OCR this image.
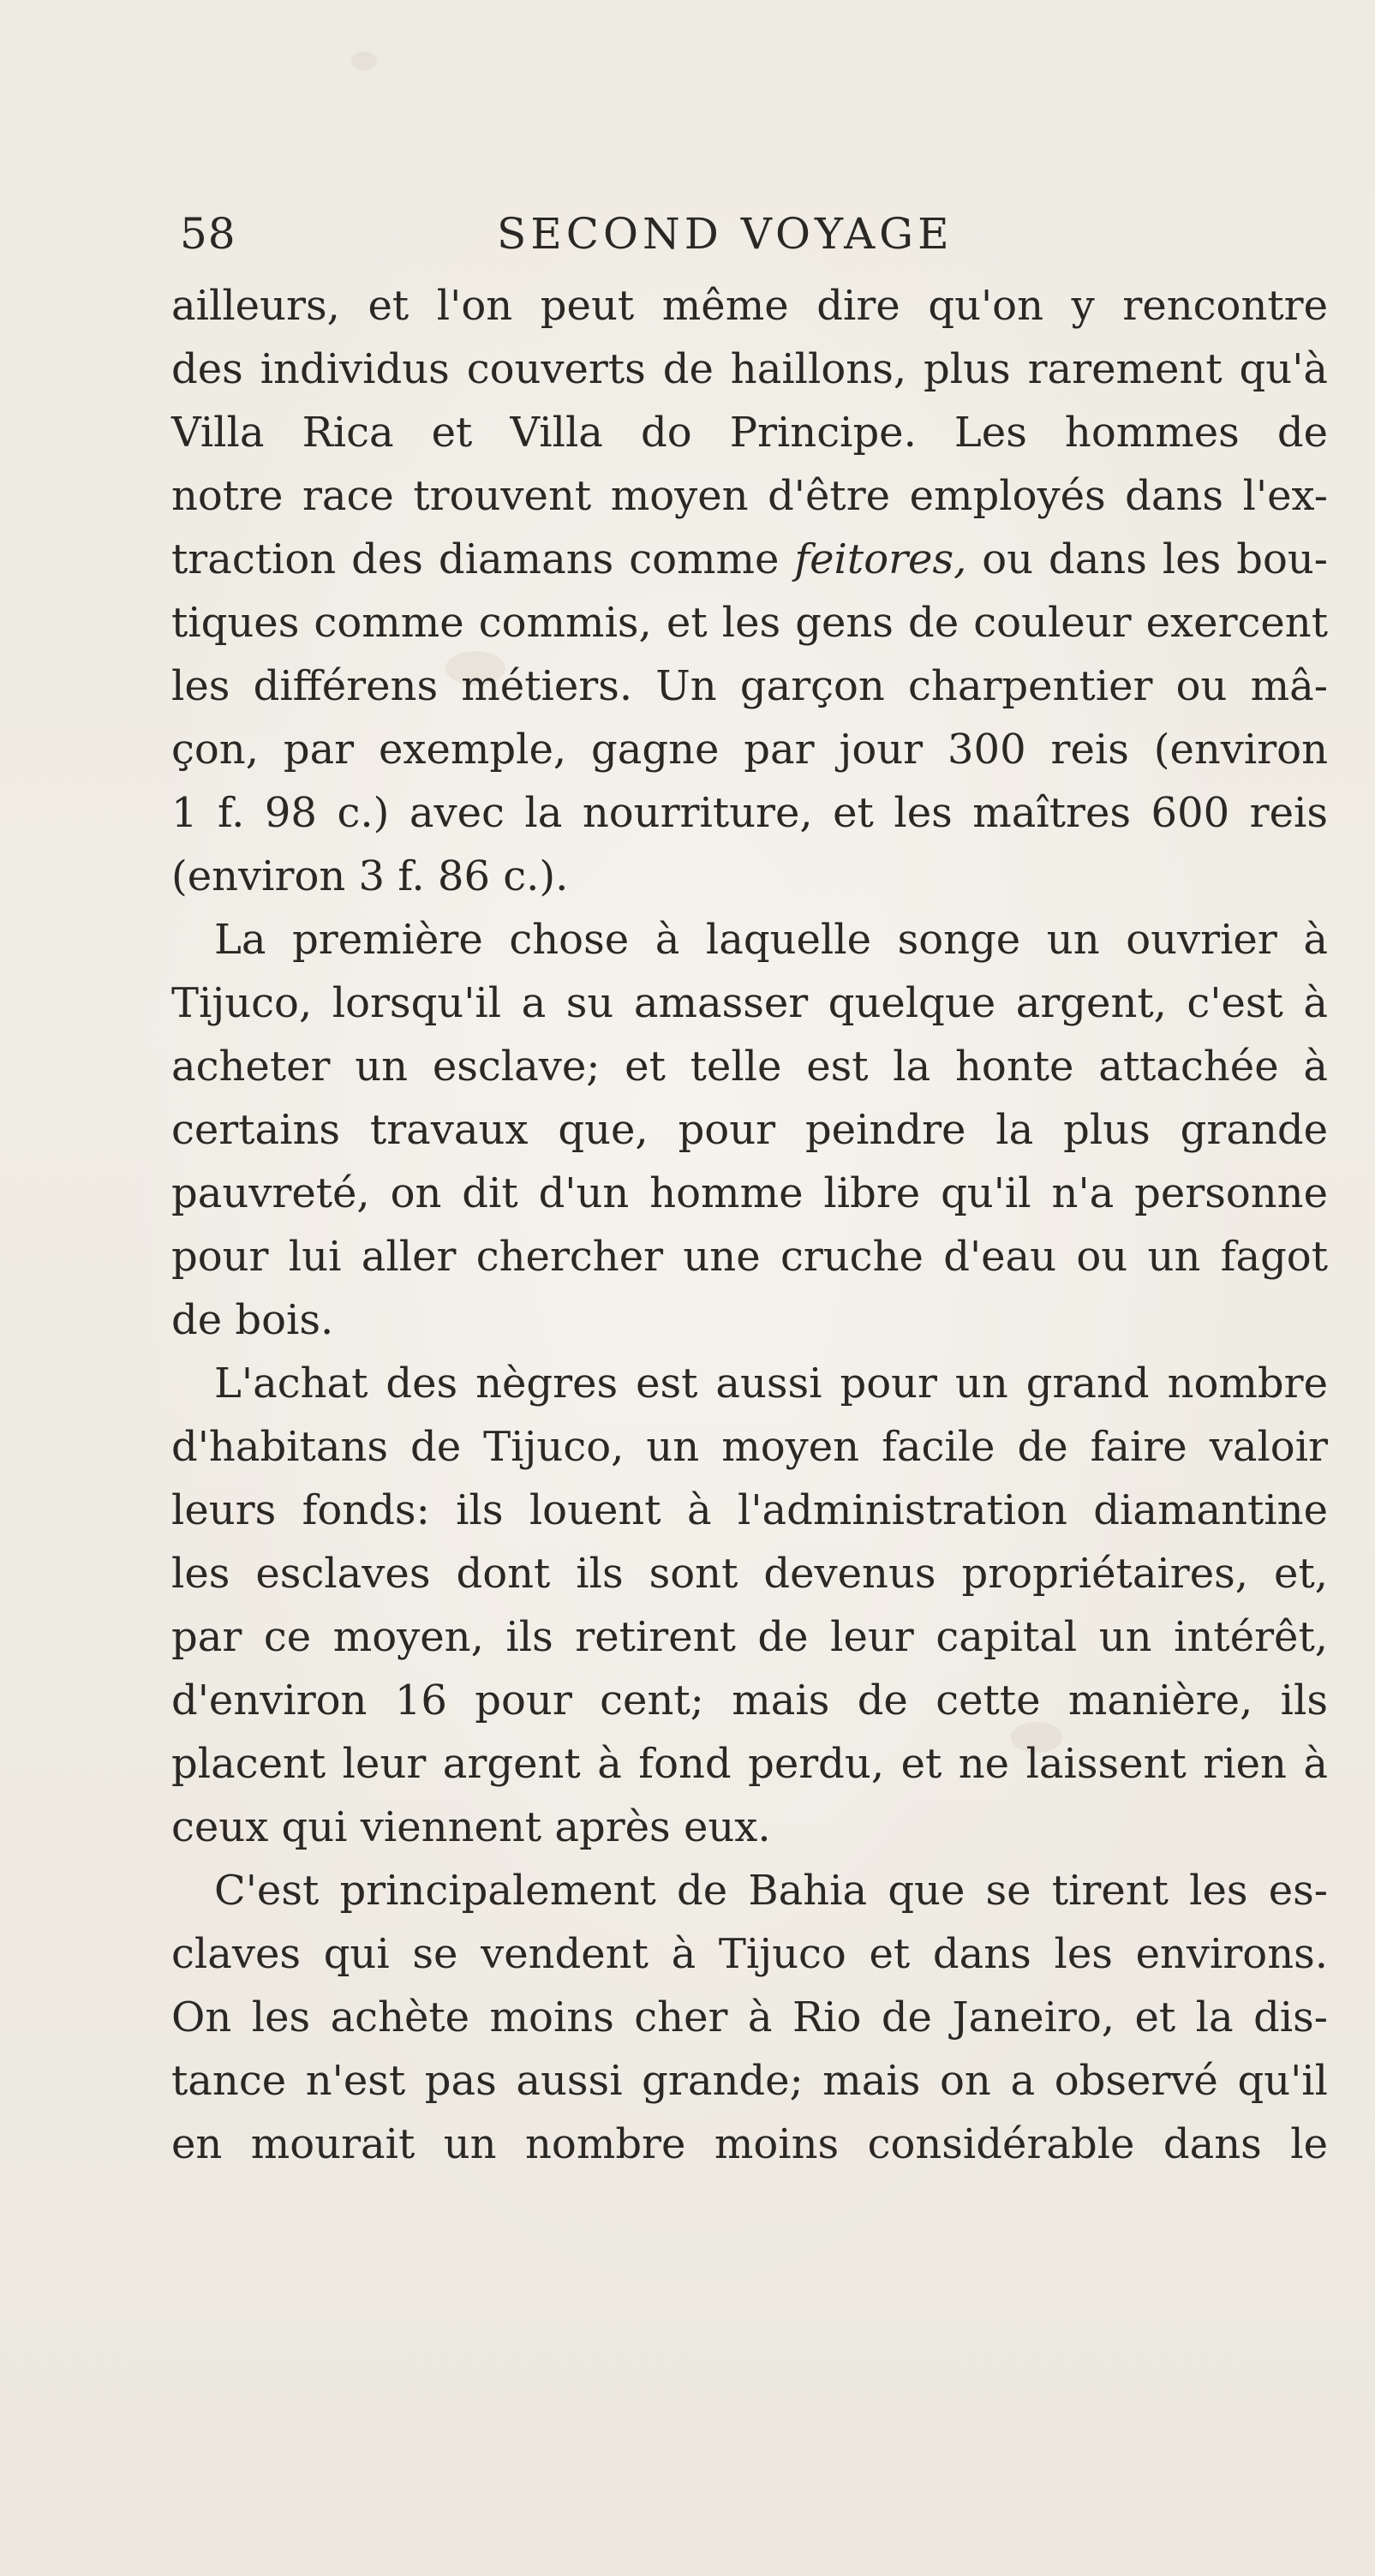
58	SECOND VOYAGE
ailleurs, et l'on peut même dire qu'on y rencontre
des individus couverts de haillons, plus rarement qu'à
Villa Rica et Villa do Principe. Les hommes de
notre race trouvent moyen d'être employés dans l'ex-
traction des diamans comme feitores, ou dans les bou-
tiques comme commis, et les gens de couleur exercent
les différens métiers. Un garçon charpentier ou mâ-
çon, par exemple, gagne par jour 300 reis (environ
1 f. 98 c.) avec la nourriture, et les maîtres 600 reis
(environ 3 f. 86 c.).
La première chose à laquelle songe un ouvrier à
Tijuco, lorsqu'il a su amasser quelque argent, c'est à
acheter un esclave; et telle est la honte attachée à
certains travaux que, pour peindre la plus grande
pauvreté, on dit d'un homme libre qu'il n'a personne
pour lui aller chercher une cruche d'eau ou un fagot
de bois.
L'achat des nègres est aussi pour un grand nombre
d'habitans de Tijuco, un moyen facile de faire valoir
leurs fonds: ils louent à l'administration diamantine
les esclaves dont ils sont devenus propriétaires, et,
par ce moyen, ils retirent de leur capital un intérêt,
d'environ 16 pour cent; mais de cette manière, ils
placent leur argent à fond perdu, et ne laissent rien à
ceux qui viennent après eux.
C'est principalement de Bahia que se tirent les es-
claves qui se vendent à Tijuco et dans les environs.
On les achète moins cher à Rio de Janeiro, et la dis-
tance n'est pas aussi grande; mais on a observé qu'il
en mourait un nombre moins considérable dans le
